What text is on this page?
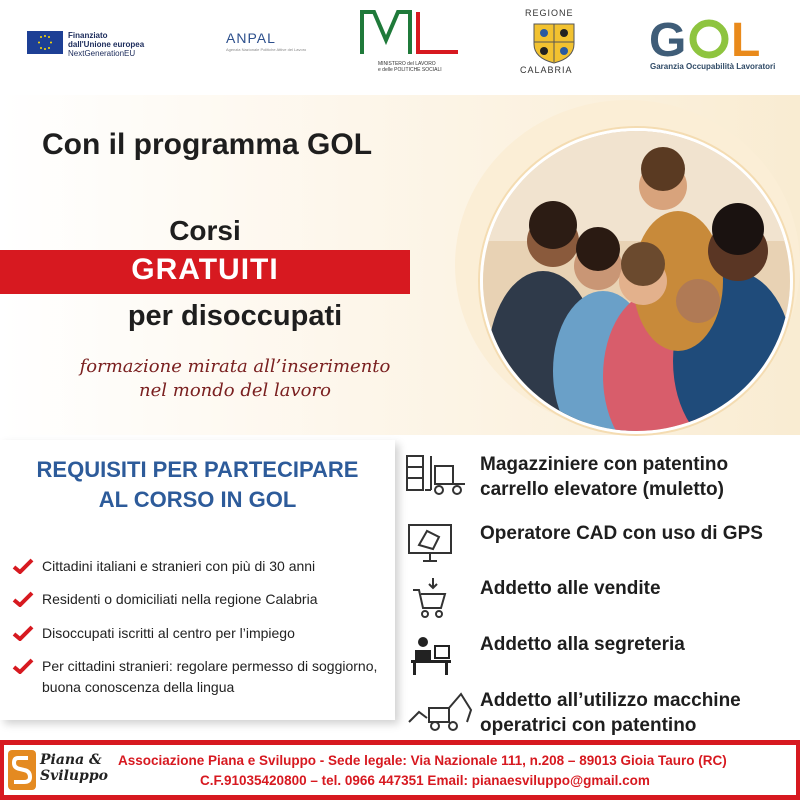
Finanziato
dall'Unione europea
NextGenerationEU
ANPAL
Agenzia Nazionale Politiche Attive del Lavoro
MINISTERO del LAVORO
e delle POLITICHE SOCIALI
REGIONE
CALABRIA
G L
Garanzia Occupabilità Lavoratori
Con il programma GOL
Corsi
GRATUITI
per disoccupati
formazione mirata all’inserimento
nel mondo del lavoro
REQUISITI PER PARTECIPARE
AL CORSO IN GOL
Cittadini italiani e stranieri con più di 30 anni
Residenti o domiciliati nella regione Calabria
Disoccupati iscritti al centro per l’impiego
Per cittadini stranieri: regolare permesso di soggiorno, buona conoscenza della lingua
Magazziniere con patentino
carrello elevatore (muletto)
Operatore CAD con uso di GPS
Addetto alle vendite
Addetto alla segreteria
Addetto all’utilizzo macchine
operatrici con patentino
Piana &
Sviluppo
Associazione Piana e Sviluppo - Sede legale: Via Nazionale 111, n.208 – 89013 Gioia Tauro (RC)
C.F.91035420800 – tel. 0966 447351 Email: pianaesviluppo@gmail.com
